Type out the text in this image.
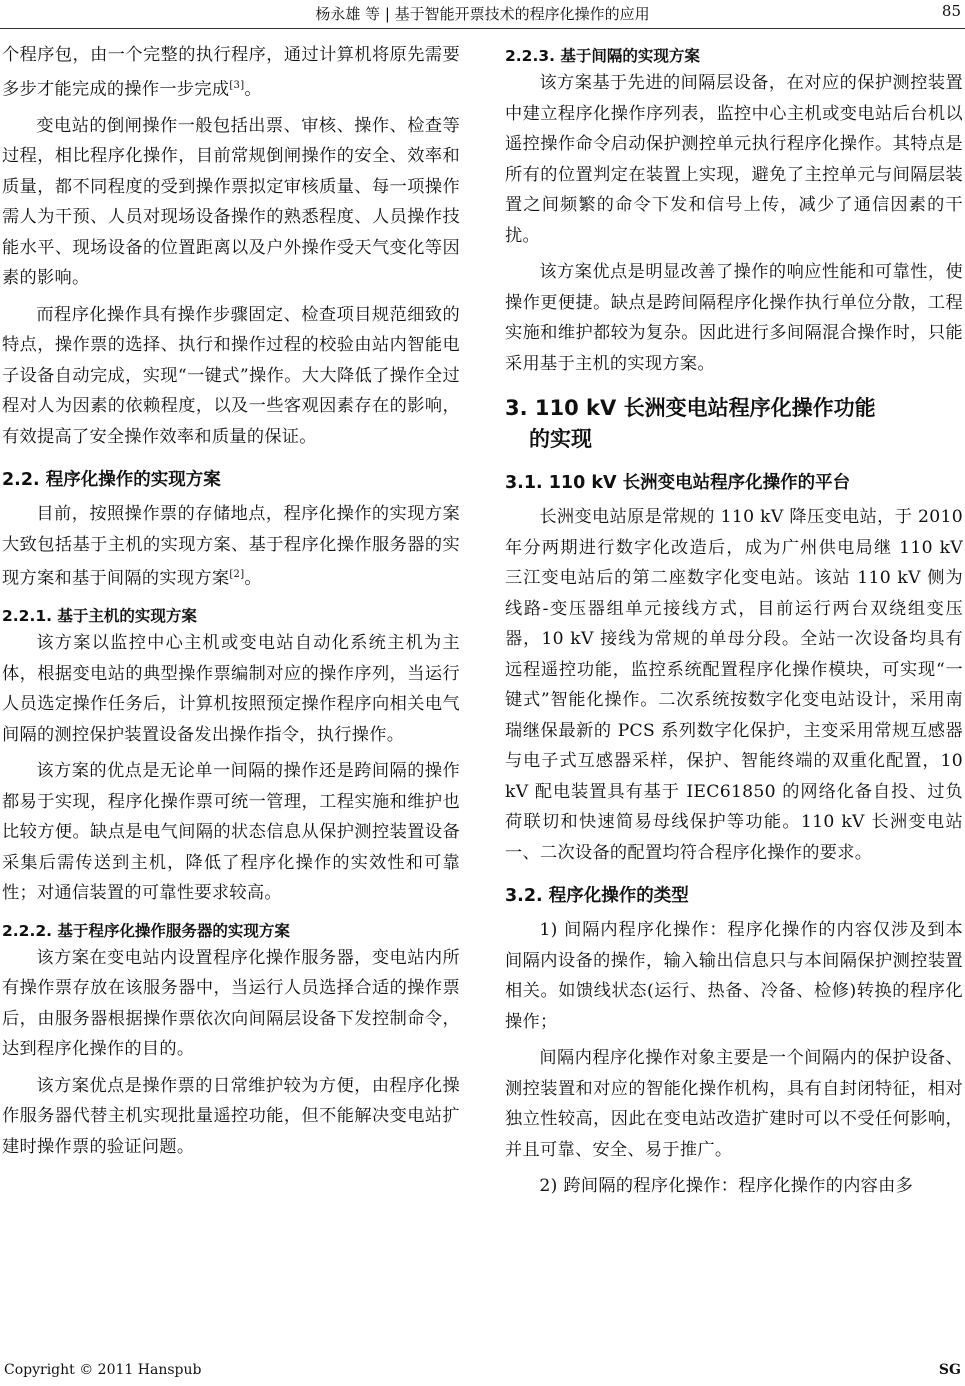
杨永雄 等 | 基于智能开票技术的程序化操作的应用	85

个程序包，由一个完整的执行程序，通过计算机将原先需要多步才能完成的操作一步完成[3]。

变电站的倒闸操作一般包括出票、审核、操作、检查等过程，相比程序化操作，目前常规倒闸操作的安全、效率和质量，都不同程度的受到操作票拟定审核质量、每一项操作需人为干预、人员对现场设备操作的熟悉程度、人员操作技能水平、现场设备的位置距离以及户外操作受天气变化等因素的影响。

而程序化操作具有操作步骤固定、检查项目规范细致的特点，操作票的选择、执行和操作过程的校验由站内智能电子设备自动完成，实现“一键式”操作。大大降低了操作全过程对人为因素的依赖程度，以及一些客观因素存在的影响，有效提高了安全操作效率和质量的保证。

2.2. 程序化操作的实现方案

目前，按照操作票的存储地点，程序化操作的实现方案大致包括基于主机的实现方案、基于程序化操作服务器的实现方案和基于间隔的实现方案[2]。

2.2.1. 基于主机的实现方案

该方案以监控中心主机或变电站自动化系统主机为主体，根据变电站的典型操作票编制对应的操作序列，当运行人员选定操作任务后，计算机按照预定操作程序向相关电气间隔的测控保护装置设备发出操作指令，执行操作。

该方案的优点是无论单一间隔的操作还是跨间隔的操作都易于实现，程序化操作票可统一管理，工程实施和维护也比较方便。缺点是电气间隔的状态信息从保护测控装置设备采集后需传送到主机，降低了程序化操作的实效性和可靠性；对通信装置的可靠性要求较高。

2.2.2. 基于程序化操作服务器的实现方案

该方案在变电站内设置程序化操作服务器，变电站内所有操作票存放在该服务器中，当运行人员选择合适的操作票后，由服务器根据操作票依次向间隔层设备下发控制命令，达到程序化操作的目的。

该方案优点是操作票的日常维护较为方便，由程序化操作服务器代替主机实现批量遥控功能，但不能解决变电站扩建时操作票的验证问题。

2.2.3. 基于间隔的实现方案

该方案基于先进的间隔层设备，在对应的保护测控装置中建立程序化操作序列表，监控中心主机或变电站后台机以遥控操作命令启动保护测控单元执行程序化操作。其特点是所有的位置判定在装置上实现，避免了主控单元与间隔层装置之间频繁的命令下发和信号上传，减少了通信因素的干扰。

该方案优点是明显改善了操作的响应性能和可靠性，使操作更便捷。缺点是跨间隔程序化操作执行单位分散，工程实施和维护都较为复杂。因此进行多间隔混合操作时，只能采用基于主机的实现方案。

3. 110 kV 长洲变电站程序化操作功能
的实现
3.1. 110 kV 长洲变电站程序化操作的平台

长洲变电站原是常规的 110 kV 降压变电站，于 2010 年分两期进行数字化改造后，成为广州供电局继 110 kV 三江变电站后的第二座数字化变电站。该站 110 kV 侧为线路-变压器组单元接线方式，目前运行两台双绕组变压器，10 kV 接线为常规的单母分段。全站一次设备均具有远程遥控功能，监控系统配置程序化操作模块，可实现“一键式”智能化操作。二次系统按数字化变电站设计，采用南瑞继保最新的 PCS 系列数字化保护，主变采用常规互感器与电子式互感器采样，保护、智能终端的双重化配置，10 kV 配电装置具有基于 IEC61850 的网络化备自投、过负荷联切和快速简易母线保护等功能。110 kV 长洲变电站一、二次设备的配置均符合程序化操作的要求。

3.2. 程序化操作的类型

1) 间隔内程序化操作：程序化操作的内容仅涉及到本间隔内设备的操作，输入输出信息只与本间隔保护测控装置相关。如馈线状态(运行、热备、冷备、检修)转换的程序化操作；

间隔内程序化操作对象主要是一个间隔内的保护设备、测控装置和对应的智能化操作机构，具有自封闭特征，相对独立性较高，因此在变电站改造扩建时可以不受任何影响，并且可靠、安全、易于推广。

2) 跨间隔的程序化操作：程序化操作的内容由多

Copyright © 2011 Hanspub	SG
